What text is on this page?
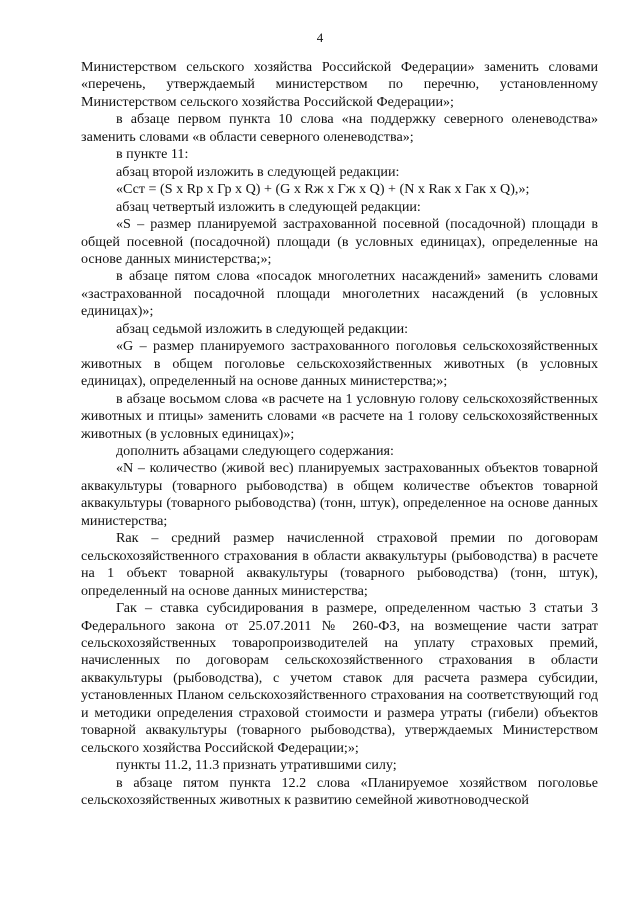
4

Министерством сельского хозяйства Российской Федерации» заменить словами «перечень, утверждаемый министерством по перечню, установленному Министерством сельского хозяйства Российской Федерации»;

в абзаце первом пункта 10 слова «на поддержку северного оленеводства» заменить словами «в области северного оленеводства»;

в пункте 11:

абзац второй изложить в следующей редакции:

«Сст = (S x Rр x Гр x Q) + (G x Rж x Гж x Q) + (N x Rак x Гак x Q),»;

абзац четвертый изложить в следующей редакции:

«S – размер планируемой застрахованной посевной (посадочной) площади в общей посевной (посадочной) площади (в условных единицах), определенные на основе данных министерства;»;

в абзаце пятом слова «посадок многолетних насаждений» заменить словами «застрахованной посадочной площади многолетних насаждений (в условных единицах)»;

абзац седьмой изложить в следующей редакции:

«G – размер планируемого застрахованного поголовья сельскохозяйственных животных в общем поголовье сельскохозяйственных животных (в условных единицах), определенный на основе данных министерства;»;

в абзаце восьмом слова «в расчете на 1 условную голову сельскохозяйственных животных и птицы» заменить словами «в расчете на 1 голову сельскохозяйственных животных (в условных единицах)»;

дополнить абзацами следующего содержания:

«N – количество (живой вес) планируемых застрахованных объектов товарной аквакультуры (товарного рыбоводства) в общем количестве объектов товарной аквакультуры (товарного рыбоводства) (тонн, штук), определенное на основе данных министерства;

Rак – средний размер начисленной страховой премии по договорам сельскохозяйственного страхования в области аквакультуры (рыбоводства) в расчете на 1 объект товарной аквакультуры (товарного рыбоводства) (тонн, штук), определенный на основе данных министерства;

Гак – ставка субсидирования в размере, определенном частью 3 статьи 3 Федерального закона от 25.07.2011 № 260-ФЗ, на возмещение части затрат сельскохозяйственных товаропроизводителей на уплату страховых премий, начисленных по договорам сельскохозяйственного страхования в области аквакультуры (рыбоводства), с учетом ставок для расчета размера субсидии, установленных Планом сельскохозяйственного страхования на соответствующий год и методики определения страховой стоимости и размера утраты (гибели) объектов товарной аквакультуры (товарного рыбоводства), утверждаемых Министерством сельского хозяйства Российской Федерации;»;

пункты 11.2, 11.3 признать утратившими силу;

в абзаце пятом пункта 12.2 слова «Планируемое хозяйством поголовье сельскохозяйственных животных к развитию семейной животноводческой
